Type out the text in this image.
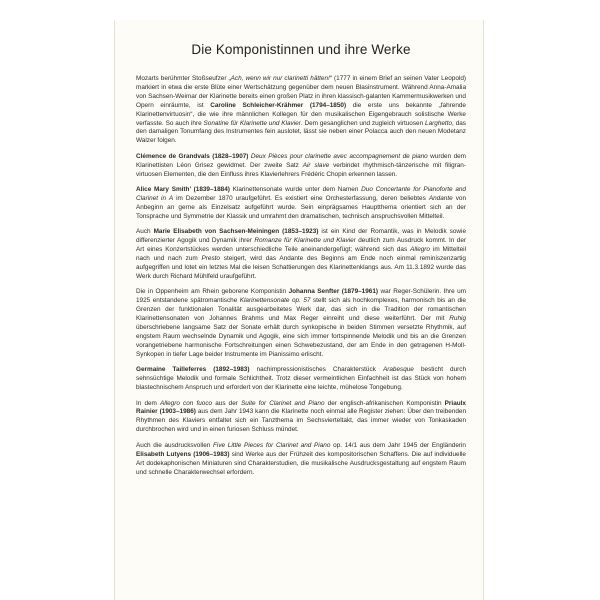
Die Komponistinnen und ihre Werke

Mozarts berühmter Stoßseufzer „Ach, wenn wir nur clarinetti hätten!“ (1777 in einem Brief an seinen Vater Leopold) markiert in etwa die erste Blüte einer Wertschätzung gegenüber dem neuen Blasinstrument. Während Anna-Amalia von Sachsen-Weimar der Klarinette bereits einen großen Platz in ihren klassisch-galanten Kammermusikwerken und Opern einräumte, ist Caroline Schleicher-Krähmer (1794–1850) die erste uns bekannte „fahrende Klarinettenvirtuosin“, die wie ihre männlichen Kollegen für den musikalischen Eigengebrauch solistische Werke verfasste. So auch ihre Sonatine für Klarinette und Klavier. Dem gesanglichen und zugleich virtuosen Larghetto, das den damaligen Tonumfang des Instrumentes fein auslotet, lässt sie neben einer Polacca auch den neuen Modetanz Walzer folgen.

Clémence de Grandvals (1828–1907) Deux Pièces pour clarinette avec accompagnement de piano wurden dem Klarinettisten Léon Grisez gewidmet. Der zweite Satz Air slave verbindet rhythmisch-tänzerische mit filigran-virtuosen Elementen, die den Einfluss ihres Klavierlehrers Frédéric Chopin erkennen lassen.

Alice Mary Smith’ (1839–1884) Klarinettensonate wurde unter dem Namen Duo Concertante for Pianoforte and Clarinet in A im Dezember 1870 uraufgeführt. Es existiert eine Orchesterfassung, deren beliebtes Andante von Anbeginn an gerne als Einzelsatz aufgeführt wurde. Sein einprägsames Hauptthema orientiert sich an der Tonsprache und Symmetrie der Klassik und umrahmt den dramatischen, technisch anspruchsvollen Mittelteil.

Auch Marie Elisabeth von Sachsen-Meiningen (1853–1923) ist ein Kind der Romantik, was in Melodik sowie differenzierter Agogik und Dynamik ihrer Romanze für Klarinette und Klavier deutlich zum Ausdruck kommt. In der Art eines Konzertstückes werden unterschiedliche Teile aneinandergefügt; während sich das Allegro im Mittelteil nach und nach zum Presto steigert, wird das Andante des Beginns am Ende noch einmal reminiszenzartig aufgegriffen und lotet ein letztes Mal die leisen Schattierungen des Klarinettenklangs aus. Am 11.3.1892 wurde das Werk durch Richard Mühlfeld uraufgeführt.

Die in Oppenheim am Rhein geborene Komponistin Johanna Senfter (1879–1961) war Reger-Schülerin. Ihre um 1925 entstandene spätromantische Klarinettensonate op. 57 stellt sich als hochkomplexes, harmonisch bis an die Grenzen der funktionalen Tonalität ausgearbeitetes Werk dar, das sich in die Tradition der romantischen Klarinettensonaten von Johannes Brahms und Max Reger einreiht und diese weiterführt. Der mit Ruhig überschriebene langsame Satz der Sonate erhält durch synkopische in beiden Stimmen versetzte Rhythmik, auf engstem Raum wechselnde Dynamik und Agogik, eine sich immer fortspinnende Melodik und bis an die Grenzen vorangetriebene harmonische Fortschreitungen einen Schwebezustand, der am Ende in den getragenen H-Moll-Synkopen in tiefer Lage beider Instrumente im Pianissimo erlischt.

Germaine Tailleferres (1892–1983) nachimpressionistisches Charakterstück Arabesque besticht durch sehnsüchtige Melodik und formale Schlichtheit. Trotz dieser vermeintlichen Einfachheit ist das Stück von hohem blastechnischem Anspruch und erfordert von der Klarinette eine leichte, mühelose Tongebung.

In dem Allegro con fuoco aus der Suite for Clarinet and Piano der englisch-afrikanischen Komponistin Priaulx Rainier (1903–1986) aus dem Jahr 1943 kann die Klarinette noch einmal alle Register ziehen: Über den treibenden Rhythmen des Klaviers entfaltet sich ein Tanzthema im Sechsvierteltakt, das immer wieder von Tonkaskaden durchbrochen wird und in einen furiosen Schluss mündet.

Auch die ausdrucksvollen Five Little Pieces for Clarinet and Piano op. 14/1 aus dem Jahr 1945 der Engländerin Elisabeth Lutyens (1906–1983) sind Werke aus der Frühzeit des kompositorischen Schaffens. Die auf individuelle Art dodekaphonischen Miniaturen sind Charakterstudien, die musikalische Ausdrucksgestaltung auf engstem Raum und schnelle Charakterwechsel erfordern.
